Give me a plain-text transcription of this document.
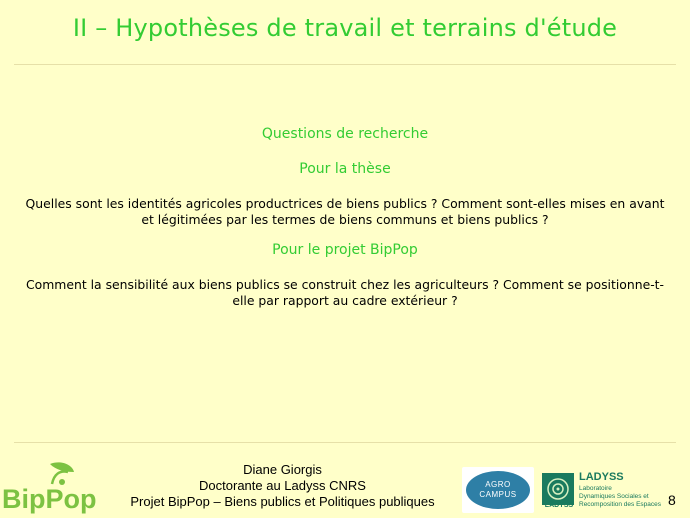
II – Hypothèses de travail et terrains d'étude
Questions de recherche
Pour la thèse
Quelles sont les identités agricoles productrices de biens publics ? Comment sont-elles mises en avant
et légitimées par les termes de biens communs et biens publics ?
Pour le projet BipPop
Comment la sensibilité aux biens publics se construit chez les agriculteurs ? Comment se positionne-t-
elle par rapport au cadre extérieur ?
BipPop
Diane Giorgis
Doctorante au Ladyss CNRS
Projet BipPop – Biens publics et Politiques publiques
AGRO
CAMPUS
LADYSS
LADYSS
Laboratoire
Dynamiques Sociales et
Recomposition des Espaces 8
